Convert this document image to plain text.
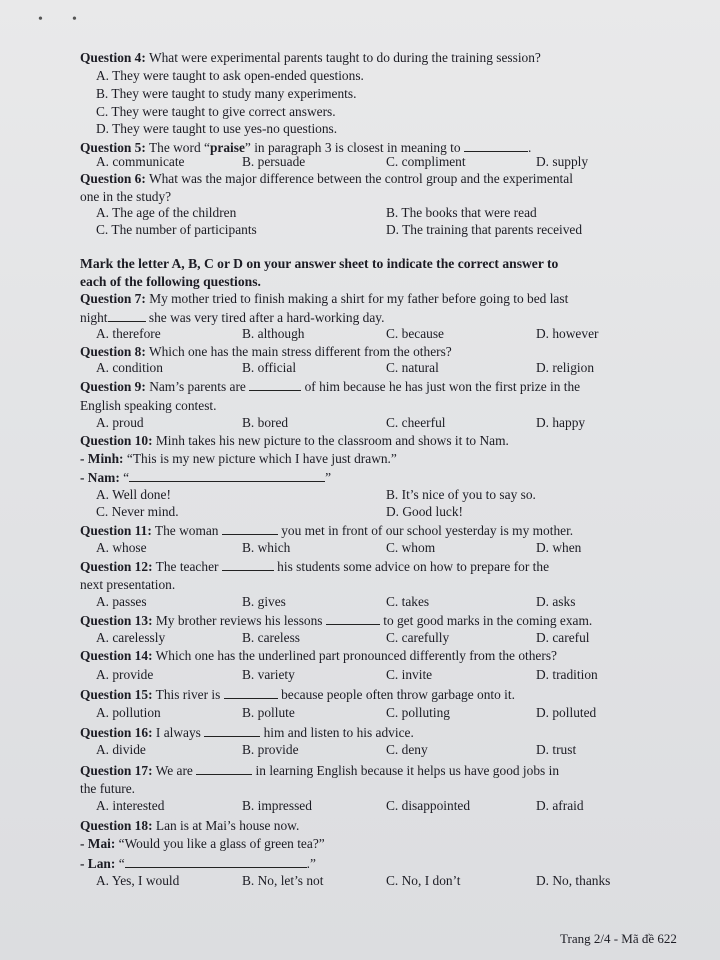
• •
Question 4: What were experimental parents taught to do during the training session?
A. They were taught to ask open-ended questions.
B. They were taught to study many experiments.
C. They were taught to give correct answers.
D. They were taught to use yes-no questions.
Question 5: The word “praise” in paragraph 3 is closest in meaning to	.
A. communicate	B. persuade	C. compliment	D. supply
Question 6: What was the major difference between the control group and the experimental
one in the study?
A. The age of the children	B. The books that were read
C. The number of participants	D. The training that parents received
Mark the letter A, B, C or D on your answer sheet to indicate the correct answer to
each of the following questions.
Question 7: My mother tried to finish making a shirt for my father before going to bed last
night	she was very tired after a hard-working day.
A. therefore	B. although	C. because	D. however
Question 8: Which one has the main stress different from the others?
A. condition	B. official	C. natural	D. religion
Question 9: Nam’s parents are	of him because he has just won the first prize in the
English speaking contest.
A. proud	B. bored	C. cheerful	D. happy
Question 10: Minh takes his new picture to the classroom and shows it to Nam.
- Minh: “This is my new picture which I have just drawn.”
- Nam: “	”
A. Well done!	B. It’s nice of you to say so.
C. Never mind.	D. Good luck!
Question 11: The woman	you met in front of our school yesterday is my mother.
A. whose	B. which	C. whom	D. when
Question 12: The teacher	his students some advice on how to prepare for the
next presentation.
A. passes	B. gives	C. takes	D. asks
Question 13: My brother reviews his lessons	to get good marks in the coming exam.
A. carelessly	B. careless	C. carefully	D. careful
Question 14: Which one has the underlined part pronounced differently from the others?
A. provide	B. variety	C. invite	D. tradition
Question 15: This river is	because people often throw garbage onto it.
A. pollution	B. pollute	C. polluting	D. polluted
Question 16: I always	him and listen to his advice.
A. divide	B. provide	C. deny	D. trust
Question 17: We are	in learning English because it helps us have good jobs in
the future.
A. interested	B. impressed	C. disappointed	D. afraid
Question 18: Lan is at Mai’s house now.
- Mai: “Would you like a glass of green tea?”
- Lan: “	.”
A. Yes, I would	B. No, let’s not	C. No, I don’t	D. No, thanks
Trang 2/4 - Mã đề 622
